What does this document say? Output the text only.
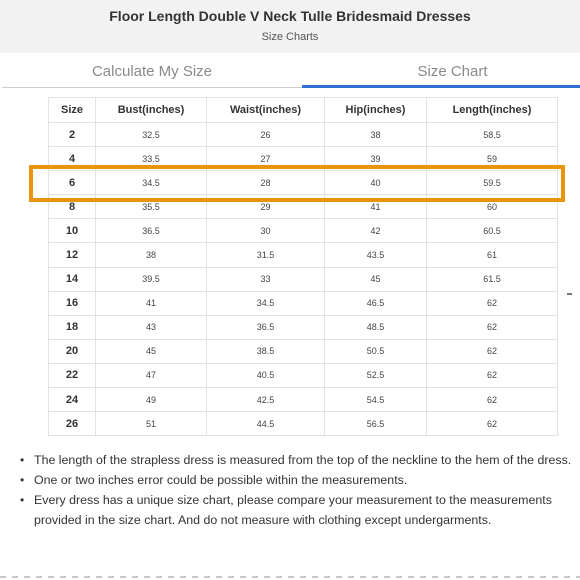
Floor Length Double V Neck Tulle Bridesmaid Dresses
Size Charts
Calculate My Size	Size Chart
Size	Bust(inches)	Waist(inches)	Hip(inches)	Length(inches)
2	32.5	26	38	58.5
4	33.5	27	39	59
6	34.5	28	40	59.5
8	35.5	29	41	60
10	36.5	30	42	60.5
12	38	31.5	43.5	61
14	39.5	33	45	61.5
16	41	34.5	46.5	62
18	43	36.5	48.5	62
20	45	38.5	50.5	62
22	47	40.5	52.5	62
24	49	42.5	54.5	62
26	51	44.5	56.5	62
• The length of the strapless dress is measured from the top of the neckline to the hem of the dress.
• One or two inches error could be possible within the measurements.
• Every dress has a unique size chart, please compare your measurement to the measurements provided in the size chart. And do not measure with clothing except undergarments.
